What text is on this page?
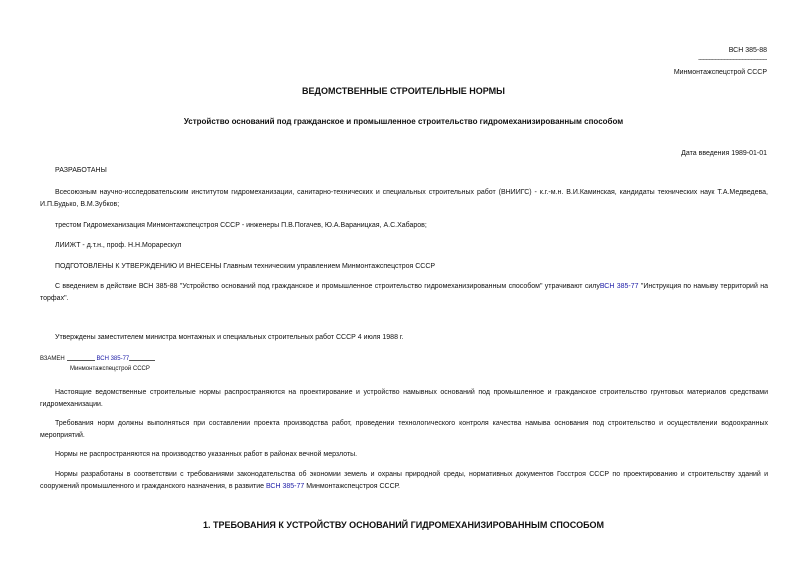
ВСН 385-88
----------------------------------------------
Минмонтажспецстрой СССР
ВЕДОМСТВЕННЫЕ СТРОИТЕЛЬНЫЕ НОРМЫ
Устройство оснований под гражданское и промышленное строительство гидромеханизированным способом
Дата введения 1989-01-01
РАЗРАБОТАНЫ
Всесоюзным научно-исследовательским институтом гидромеханизации, санитарно-технических и специальных строительных работ (ВНИИГС) - к.г.-м.н. В.И.Каминская, кандидаты технических наук Т.А.Медведева, И.П.Будько, В.М.Зубков;
трестом Гидромеханизация Минмонтажспецстроя СССР - инженеры П.В.Погачев, Ю.А.Вараницкая, А.С.Хабаров;
ЛИИЖТ - д.т.н., проф. Н.Н.Морарескул
ПОДГОТОВЛЕНЫ К УТВЕРЖДЕНИЮ И ВНЕСЕНЫ Главным техническим управлением Минмонтажспецстроя СССР
С введением в действие ВСН 385-88 "Устройство оснований под гражданское и промышленное строительство гидромеханизированным способом" утрачивают силуВСН 385-77 "Инструкция по намыву территорий на торфах".
Утверждены заместителем министра монтажных и специальных строительных работ СССР 4 июля 1988 г.
ВЗАМЕН	ВСН 385-77
Минмонтажспецстрой СССР
Настоящие ведомственные строительные нормы распространяются на проектирование и устройство намывных оснований под промышленное и гражданское строительство грунтовых материалов средствами гидромеханизации.
Требования норм должны выполняться при составлении проекта производства работ, проведении технологического контроля качества намыва основания под строительство и осуществлении водоохранных мероприятий.
Нормы не распространяются на производство указанных работ в районах вечной мерзлоты.
Нормы разработаны в соответствии с требованиями законодательства об экономии земель и охраны природной среды, нормативных документов Госстроя СССР по проектированию и строительству зданий и сооружений промышленного и гражданского назначения, в развитие ВСН 385-77 Минмонтажспецстроя СССР.
1. ТРЕБОВАНИЯ К УСТРОЙСТВУ ОСНОВАНИЙ ГИДРОМЕХАНИЗИРОВАННЫМ СПОСОБОМ
